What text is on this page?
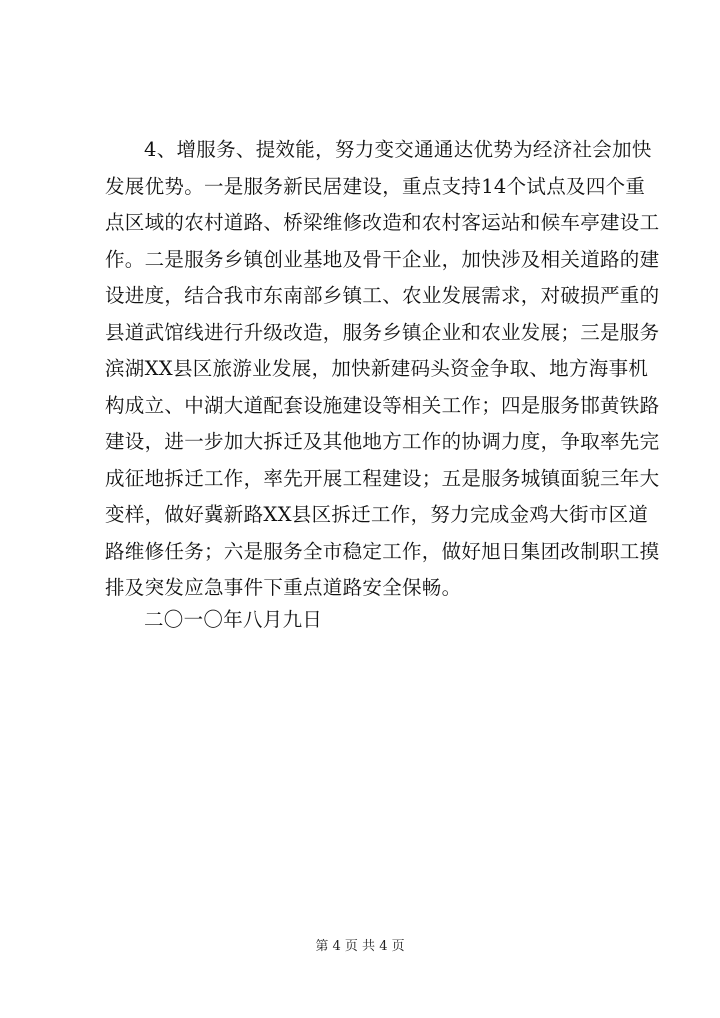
4、增服务、提效能，努力变交通通达优势为经济社会加快
发展优势。一是服务新民居建设，重点支持14个试点及四个重
点区域的农村道路、桥梁维修改造和农村客运站和候车亭建设工
作。二是服务乡镇创业基地及骨干企业，加快涉及相关道路的建
设进度，结合我市东南部乡镇工、农业发展需求，对破损严重的
县道武馆线进行升级改造，服务乡镇企业和农业发展；三是服务
滨湖XX县区旅游业发展，加快新建码头资金争取、地方海事机
构成立、中湖大道配套设施建设等相关工作；四是服务邯黄铁路
建设，进一步加大拆迁及其他地方工作的协调力度，争取率先完
成征地拆迁工作，率先开展工程建设；五是服务城镇面貌三年大
变样，做好冀新路XX县区拆迁工作，努力完成金鸡大街市区道
路维修任务；六是服务全市稳定工作，做好旭日集团改制职工摸
排及突发应急事件下重点道路安全保畅。
二〇一〇年八月九日
第 4 页 共 4 页
